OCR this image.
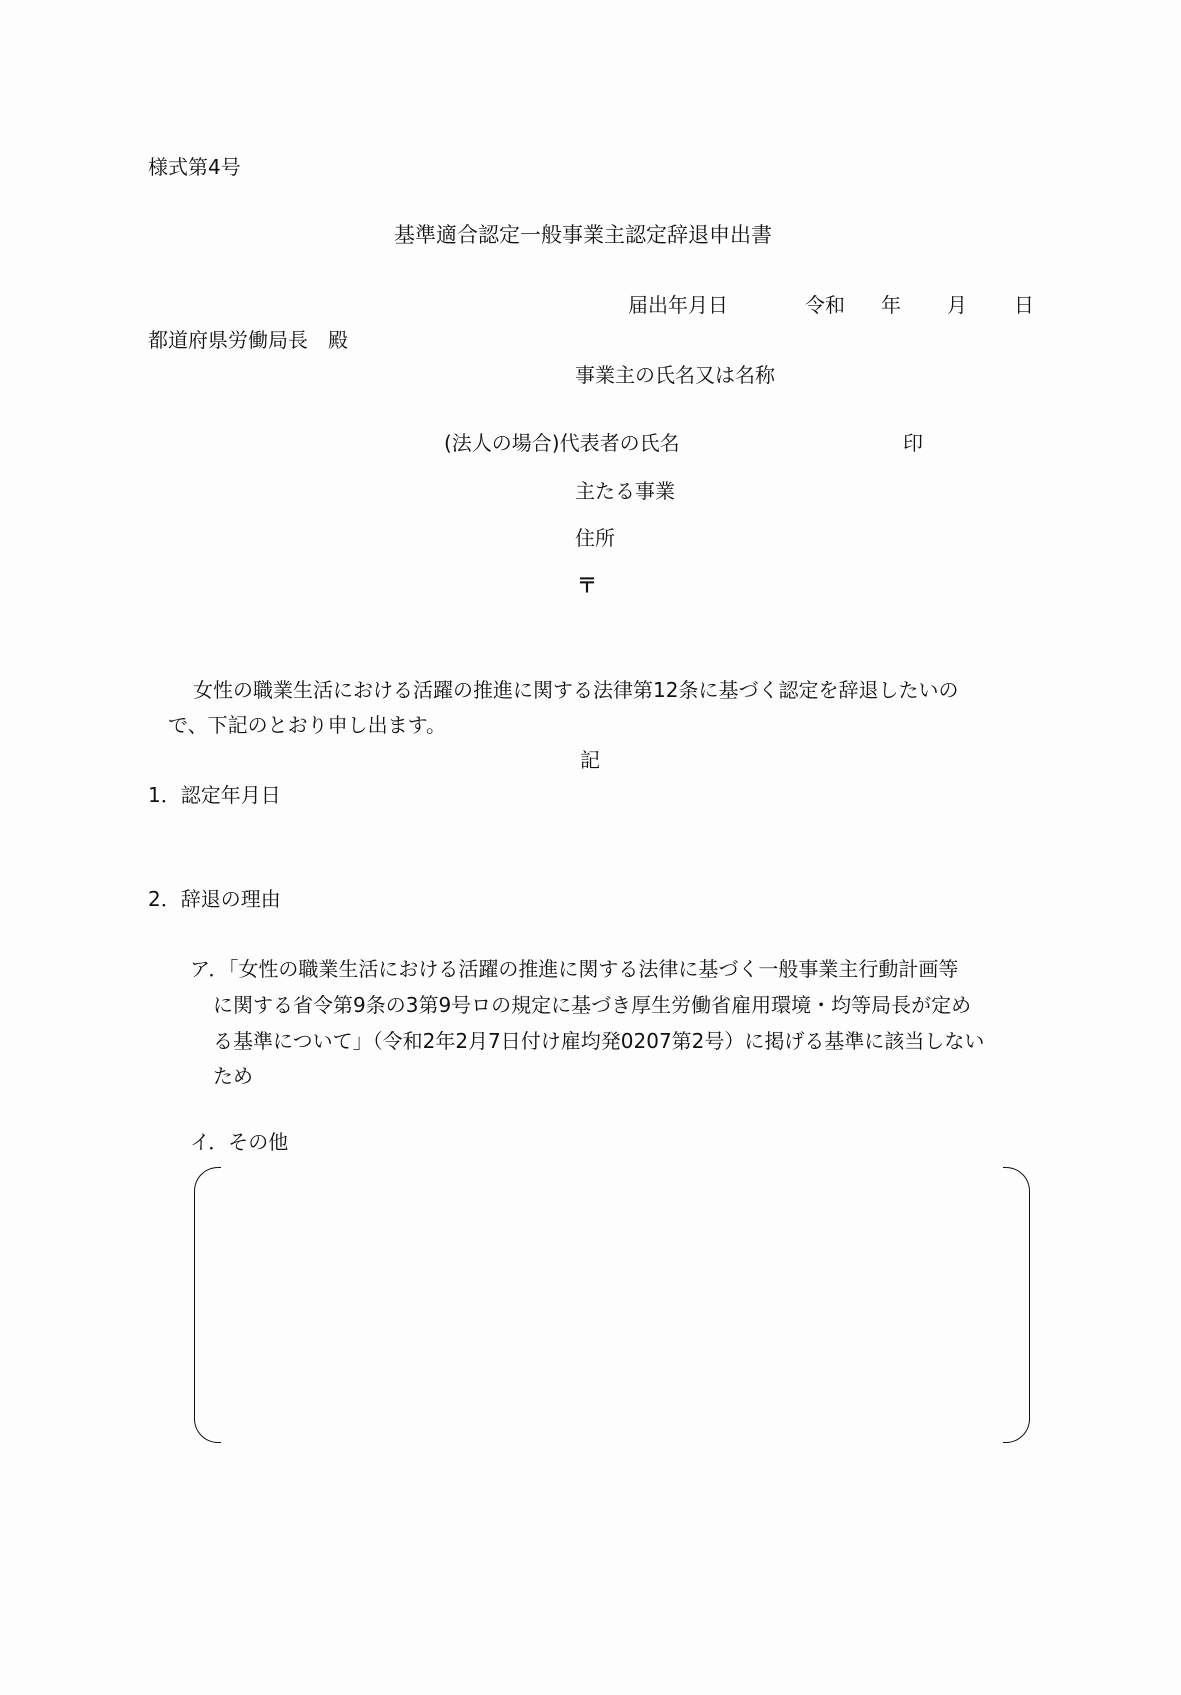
様式第4号
基準適合認定一般事業主認定辞退申出書
届出年月日	令和 年 月 日
都道府県労働局長　殿
事業主の氏名又は名称
(法人の場合)代表者の氏名	印
主たる事業
住所
〒
女性の職業生活における活躍の推進に関する法律第12条に基づく認定を辞退したいの
で、下記のとおり申し出ます。
記
1．認定年月日
2．辞退の理由
ア．「女性の職業生活における活躍の推進に関する法律に基づく一般事業主行動計画等
に関する省令第9条の3第9号ロの規定に基づき厚生労働省雇用環境・均等局長が定め
る基準について」（令和2年2月7日付け雇均発0207第2号）に掲げる基準に該当しない
ため
イ．その他
